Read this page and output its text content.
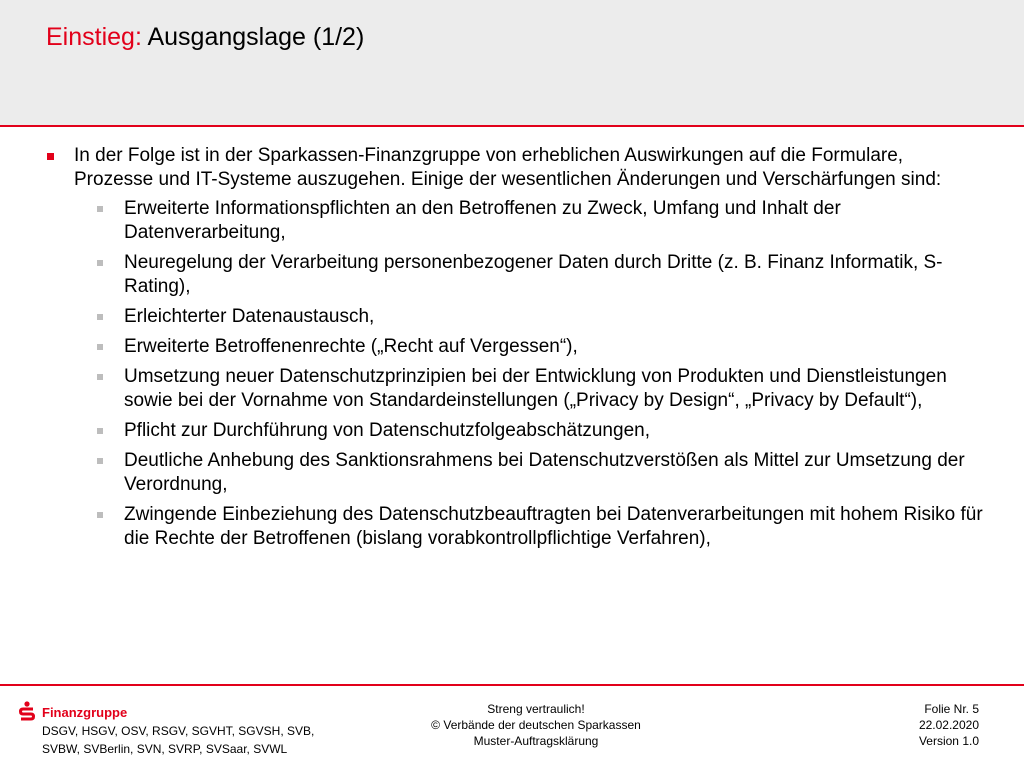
Einstieg: Ausgangslage (1/2)
In der Folge ist in der Sparkassen-Finanzgruppe von erheblichen Auswirkungen auf die Formulare, Prozesse und IT-Systeme auszugehen. Einige der wesentlichen Änderungen und Verschärfungen sind:
Erweiterte Informationspflichten an den Betroffenen zu Zweck, Umfang und Inhalt der Datenverarbeitung,
Neuregelung der Verarbeitung personenbezogener Daten durch Dritte (z. B. Finanz Informatik, S-Rating),
Erleichterter Datenaustausch,
Erweiterte Betroffenenrechte („Recht auf Vergessen“),
Umsetzung neuer Datenschutzprinzipien bei der Entwicklung von Produkten und Dienstleistungen sowie bei der Vornahme von Standardeinstellungen („Privacy by Design“, „Privacy by Default“),
Pflicht zur Durchführung von Datenschutzfolgeabschätzungen,
Deutliche Anhebung des Sanktionsrahmens bei Datenschutzverstößen als Mittel zur Umsetzung der Verordnung,
Zwingende Einbeziehung des Datenschutzbeauftragten bei Datenverarbeitungen mit hohem Risiko für die Rechte der Betroffenen (bislang vorabkontrollpflichtige Verfahren),
Finanzgruppe
DSGV, HSGV, OSV, RSGV, SGVHT, SGVSH, SVB,
SVBW, SVBerlin, SVN, SVRP, SVSaar, SVWL
Streng vertraulich!
© Verbände der deutschen Sparkassen
Muster-Auftragsklärung
Folie Nr. 5
22.02.2020
Version 1.0
